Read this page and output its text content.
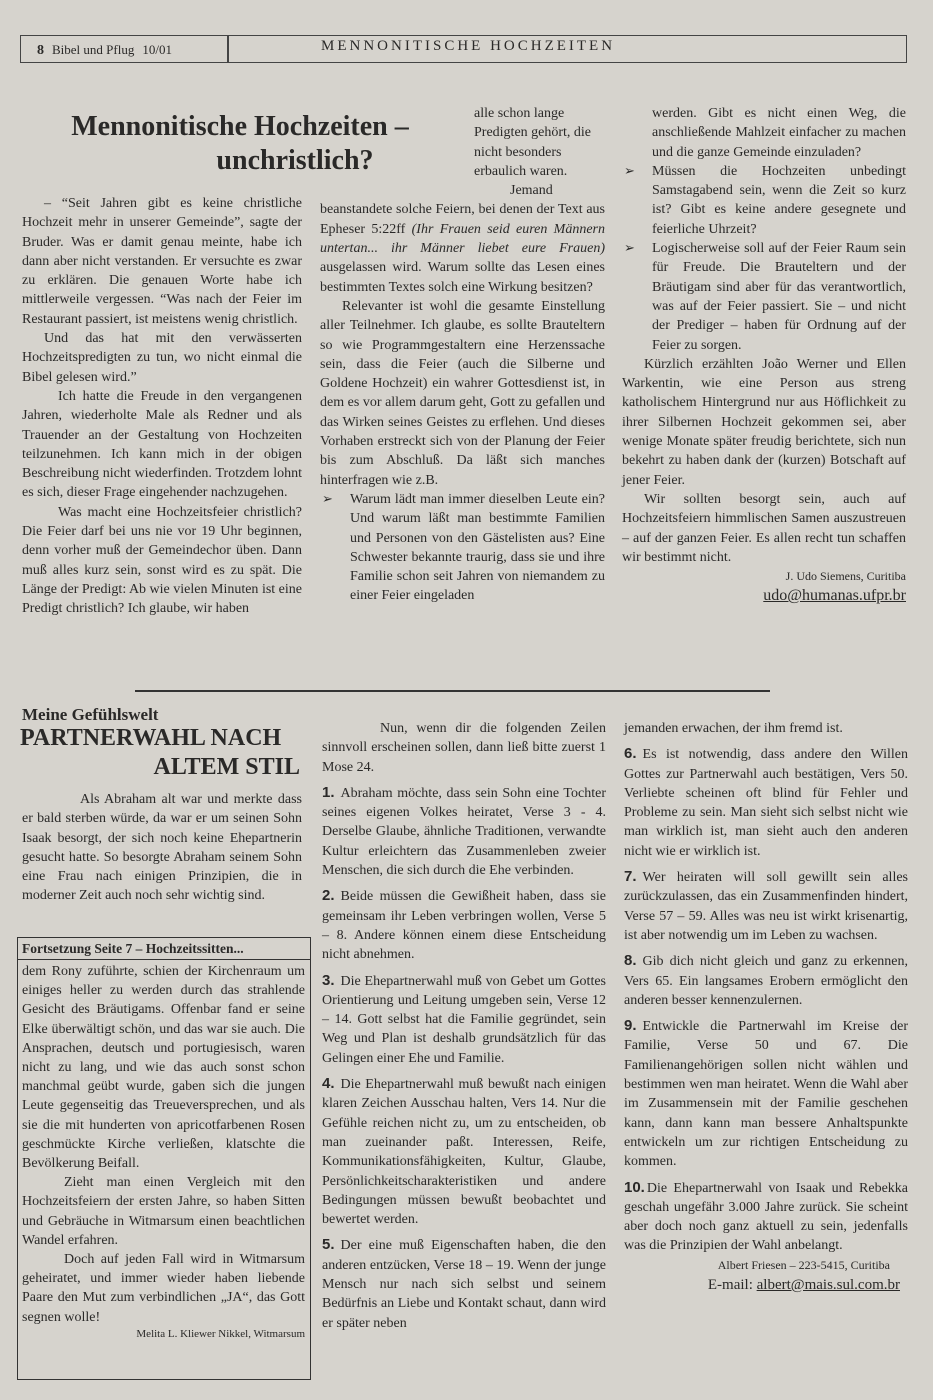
8 Bibel und Pflug 10/01	MENNONITISCHE HOCHZEITEN
Mennonitische Hochzeiten –
unchristlich?

– “Seit Jahren gibt es keine christliche Hochzeit mehr in unserer Gemeinde”, sagte der Bruder. Was er damit genau meinte, habe ich dann aber nicht verstanden. Er versuchte es zwar zu erklären. Die genauen Worte habe ich mittlerweile vergessen. “Was nach der Feier im Restaurant passiert, ist meistens wenig christlich.

Und das hat mit den verwässerten Hochzeitspredigten zu tun, wo nicht einmal die Bibel gelesen wird.”

Ich hatte die Freude in den vergangenen Jahren, wiederholte Male als Redner und als Trauender an der Gestaltung von Hochzeiten teilzunehmen. Ich kann mich in der obigen Beschreibung nicht wiederfinden. Trotzdem lohnt es sich, dieser Frage eingehender nachzugehen.

Was macht eine Hochzeitsfeier christlich? Die Feier darf bei uns nie vor 19 Uhr beginnen, denn vorher muß der Gemeindechor üben. Dann muß alles kurz sein, sonst wird es zu spät. Die Länge der Predigt: Ab wie vielen Minuten ist eine Predigt christlich? Ich glaube, wir haben

alle schon lange Predigten gehört, die nicht besonders erbaulich waren.

Jemand beanstandete solche Feiern, bei denen der Text aus Epheser 5:22ff (Ihr Frauen seid euren Männern untertan... ihr Männer liebet eure Frauen) ausgelassen wird. Warum sollte das Lesen eines bestimmten Textes solch eine Wirkung besitzen?

Relevanter ist wohl die gesamte Einstellung aller Teilnehmer. Ich glaube, es sollte Brauteltern so wie Programmgestaltern eine Herzenssache sein, dass die Feier (auch die Silberne und Goldene Hochzeit) ein wahrer Gottesdienst ist, in dem es vor allem darum geht, Gott zu gefallen und das Wirken seines Geistes zu erflehen. Und dieses Vorhaben erstreckt sich von der Planung der Feier bis zum Abschluß. Da läßt sich manches hinterfragen wie z.B.

➢ Warum lädt man immer dieselben Leute ein? Und warum läßt man bestimmte Familien und Personen von den Gästelisten aus? Eine Schwester bekannte traurig, dass sie und ihre Familie schon seit Jahren von niemandem zu einer Feier eingeladen

werden. Gibt es nicht einen Weg, die anschließende Mahlzeit einfacher zu machen und die ganze Gemeinde einzuladen?

➢ Müssen die Hochzeiten unbedingt Samstagabend sein, wenn die Zeit so kurz ist? Gibt es keine andere gesegnete und feierliche Uhrzeit?
➢ Logischerweise soll auf der Feier Raum sein für Freude. Die Brauteltern und der Bräutigam sind aber für das verantwortlich, was auf der Feier passiert. Sie – und nicht der Prediger – haben für Ordnung auf der Feier zu sorgen.

Kürzlich erzählten João Werner und Ellen Warkentin, wie eine Person aus streng katholischem Hintergrund nur aus Höflichkeit zu ihrer Silbernen Hochzeit gekommen sei, aber wenige Monate später freudig berichtete, sich nun bekehrt zu haben dank der (kurzen) Botschaft auf jener Feier.

Wir sollten besorgt sein, auch auf Hochzeitsfeiern himmlischen Samen auszustreuen – auf der ganzen Feier. Es allen recht tun schaffen wir bestimmt nicht.

J. Udo Siemens, Curitiba
udo@humanas.ufpr.br
Meine Gefühlswelt
PARTNERWAHL NACH
ALTEM STIL

Als Abraham alt war und merkte dass er bald sterben würde, da war er um seinen Sohn Isaak besorgt, der sich noch keine Ehepartnerin gesucht hatte. So besorgte Abraham seinem Sohn eine Frau nach einigen Prinzipien, die in moderner Zeit auch noch sehr wichtig sind.

Fortsetzung Seite 7 – Hochzeitssitten...

dem Rony zuführte, schien der Kirchenraum um einiges heller zu werden durch das strahlende Gesicht des Bräutigams. Offenbar fand er seine Elke überwältigt schön, und das war sie auch. Die Ansprachen, deutsch und portugiesisch, waren nicht zu lang, und wie das auch sonst schon manchmal geübt wurde, gaben sich die jungen Leute gegenseitig das Treueversprechen, und als sie die mit hunderten von apricotfarbenen Rosen geschmückte Kirche verließen, klatschte die Bevölkerung Beifall.

Zieht man einen Vergleich mit den Hochzeitsfeiern der ersten Jahre, so haben Sitten und Gebräuche in Witmarsum einen beachtlichen Wandel erfahren.

Doch auf jeden Fall wird in Witmarsum geheiratet, und immer wieder haben liebende Paare den Mut zum verbindlichen „JA“, das Gott segnen wolle!

Melita L. Kliewer Nikkel, Witmarsum

Nun, wenn dir die folgenden Zeilen sinnvoll erscheinen sollen, dann ließ bitte zuerst 1 Mose 24.

1. Abraham möchte, dass sein Sohn eine Tochter seines eigenen Volkes heiratet, Verse 3 - 4. Derselbe Glaube, ähnliche Traditionen, verwandte Kultur erleichtern das Zusammenleben zweier Menschen, die sich durch die Ehe verbinden.
2. Beide müssen die Gewißheit haben, dass sie gemeinsam ihr Leben verbringen wollen, Verse 5 – 8. Andere können einem diese Entscheidung nicht abnehmen.
3. Die Ehepartnerwahl muß von Gebet um Gottes Orientierung und Leitung umgeben sein, Verse 12 – 14. Gott selbst hat die Familie gegründet, sein Weg und Plan ist deshalb grundsätzlich für das Gelingen einer Ehe und Familie.
4. Die Ehepartnerwahl muß bewußt nach einigen klaren Zeichen Ausschau halten, Vers 14. Nur die Gefühle reichen nicht zu, um zu entscheiden, ob man zueinander paßt. Interessen, Reife, Kommunikationsfähigkeiten, Kultur, Glaube, Persönlichkeitscharakteristiken und andere Bedingungen müssen bewußt beobachtet und bewertet werden.
5. Der eine muß Eigenschaften haben, die den anderen entzücken, Verse 18 – 19. Wenn der junge Mensch nur nach sich selbst und seinem Bedürfnis an Liebe und Kontakt schaut, dann wird er später neben

jemanden erwachen, der ihm fremd ist.

6. Es ist notwendig, dass andere den Willen Gottes zur Partnerwahl auch bestätigen, Vers 50. Verliebte scheinen oft blind für Fehler und Probleme zu sein. Man sieht sich selbst nicht wie man wirklich ist, man sieht auch den anderen nicht wie er wirklich ist.
7. Wer heiraten will soll gewillt sein alles zurückzulassen, das ein Zusammenfinden hindert, Verse 57 – 59. Alles was neu ist wirkt krisenartig, ist aber notwendig um im Leben zu wachsen.
8. Gib dich nicht gleich und ganz zu erkennen, Vers 65. Ein langsames Erobern ermöglicht den anderen besser kennenzulernen.
9. Entwickle die Partnerwahl im Kreise der Familie, Verse 50 und 67. Die Familienangehörigen sollen nicht wählen und bestimmen wen man heiratet. Wenn die Wahl aber im Zusammensein mit der Familie geschehen kann, dann kann man bessere Anhaltspunkte entwickeln um zur richtigen Entscheidung zu kommen.
10. Die Ehepartnerwahl von Isaak und Rebekka geschah ungefähr 3.000 Jahre zurück. Sie scheint aber doch noch ganz aktuell zu sein, jedenfalls was die Prinzipien der Wahl anbelangt.
Albert Friesen – 223-5415, Curitiba
E-mail: albert@mais.sul.com.br
